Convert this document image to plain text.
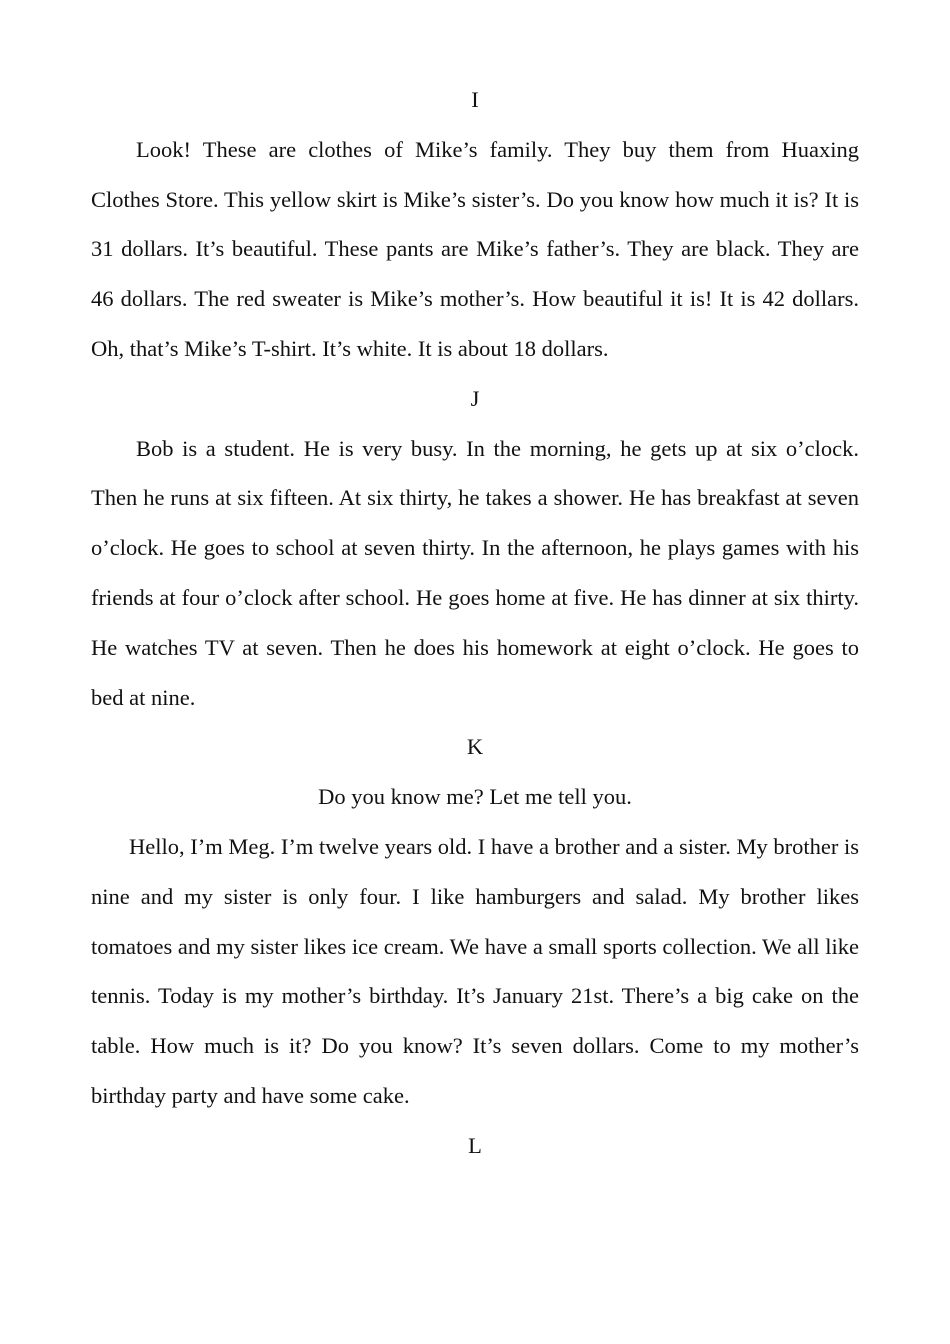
I

Look! These are clothes of Mike’s family. They buy them from Huaxing Clothes Store. This yellow skirt is Mike’s sister’s. Do you know how much it is? It is 31 dollars. It’s beautiful. These pants are Mike’s father’s. They are black. They are 46 dollars. The red sweater is Mike’s mother’s. How beautiful it is! It is 42 dollars. Oh, that’s Mike’s T-shirt. It’s white. It is about 18 dollars.

J

Bob is a student. He is very busy. In the morning, he gets up at six o’clock. Then he runs at six fifteen. At six thirty, he takes a shower. He has breakfast at seven o’clock. He goes to school at seven thirty. In the afternoon, he plays games with his friends at four o’clock after school. He goes home at five. He has dinner at six thirty. He watches TV at seven. Then he does his homework at eight o’clock. He goes to bed at nine.

K

Do you know me? Let me tell you.

Hello, I’m Meg. I’m twelve years old. I have a brother and a sister. My brother is nine and my sister is only four. I like hamburgers and salad. My brother likes tomatoes and my sister likes ice cream. We have a small sports collection. We all like tennis. Today is my mother’s birthday. It’s January 21st. There’s a big cake on the table. How much is it? Do you know? It’s seven dollars. Come to my mother’s birthday party and have some cake.

L
